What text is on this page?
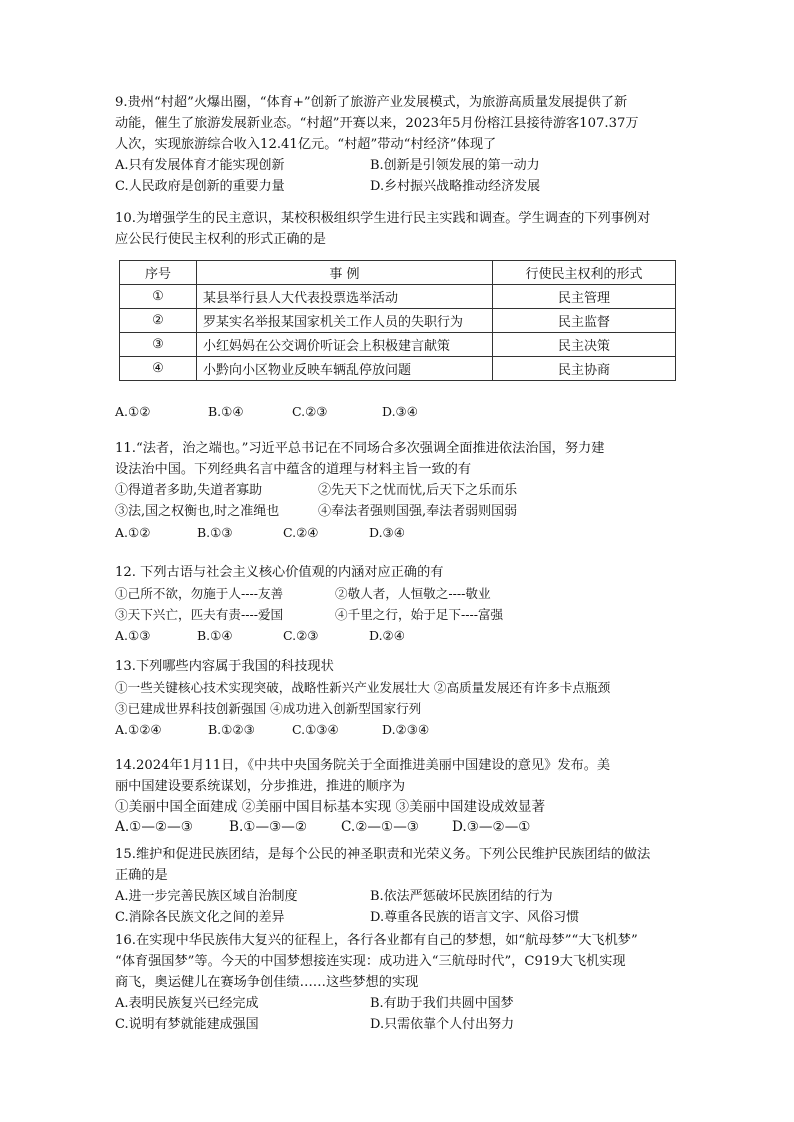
9.贵州“村超”火爆出圈，“体育+”创新了旅游产业发展模式，为旅游高质量发展提供了新
动能，催生了旅游发展新业态。“村超”开赛以来，2023年5月份榕江县接待游客107.37万
人次，实现旅游综合收入12.41亿元。“村超”带动“村经济”体现了
A.只有发展体育才能实现创新	B.创新是引领发展的第一动力
C.人民政府是创新的重要力量	D.乡村振兴战略推动经济发展
10.为增强学生的民主意识，某校积极组织学生进行民主实践和调查。学生调查的下列事例对
应公民行使民主权利的形式正确的是
序号	事 例	行使民主权利的形式
①	某县举行县人大代表投票选举活动	民主管理
②	罗某实名举报某国家机关工作人员的失职行为	民主监督
③	小红妈妈在公交调价听证会上积极建言献策	民主决策
④	小黔向小区物业反映车辆乱停放问题	民主协商
A.①②	B.①④	C.②③	D.③④
11.“法者，治之端也。”习近平总书记在不同场合多次强调全面推进依法治国，努力建
设法治中国。下列经典名言中蕴含的道理与材料主旨一致的有
①得道者多助,失道者寡助	②先天下之忧而忧,后天下之乐而乐
③法,国之权衡也,时之准绳也	④奉法者强则国强,奉法者弱则国弱
A.①②	B.①③	C.②④	D.③④
12. 下列古语与社会主义核心价值观的内涵对应正确的有
①己所不欲，勿施于人----友善	②敬人者，人恒敬之----敬业
③天下兴亡，匹夫有责----爱国	④千里之行，始于足下----富强
A.①③	B.①④	C.②③	D.②④
13.下列哪些内容属于我国的科技现状
①一些关键核心技术实现突破，战略性新兴产业发展壮大 ②高质量发展还有许多卡点瓶颈
③已建成世界科技创新强国 ④成功进入创新型国家行列
A.①②④	B.①②③	C.①③④	D.②③④
14.2024年1月11日，《中共中央国务院关于全面推进美丽中国建设的意见》发布。美
丽中国建设要系统谋划，分步推进，推进的顺序为
①美丽中国全面建成 ②美丽中国目标基本实现 ③美丽中国建设成效显著
A.①—②—③	B.①—③—② C.②—①—③ D.③—②—①
15.维护和促进民族团结，是每个公民的神圣职责和光荣义务。下列公民维护民族团结的做法
正确的是
A.进一步完善民族区域自治制度	B.依法严惩破坏民族团结的行为
C.消除各民族文化之间的差异	D.尊重各民族的语言文字、风俗习惯
16.在实现中华民族伟大复兴的征程上，各行各业都有自己的梦想，如“航母梦”“大飞机梦”
“体育强国梦”等。今天的中国梦想接连实现：成功进入“三航母时代”，C919大飞机实现
商飞，奥运健儿在赛场争创佳绩……这些梦想的实现
A.表明民族复兴已经完成	B.有助于我们共圆中国梦
C.说明有梦就能建成强国	D.只需依靠个人付出努力
